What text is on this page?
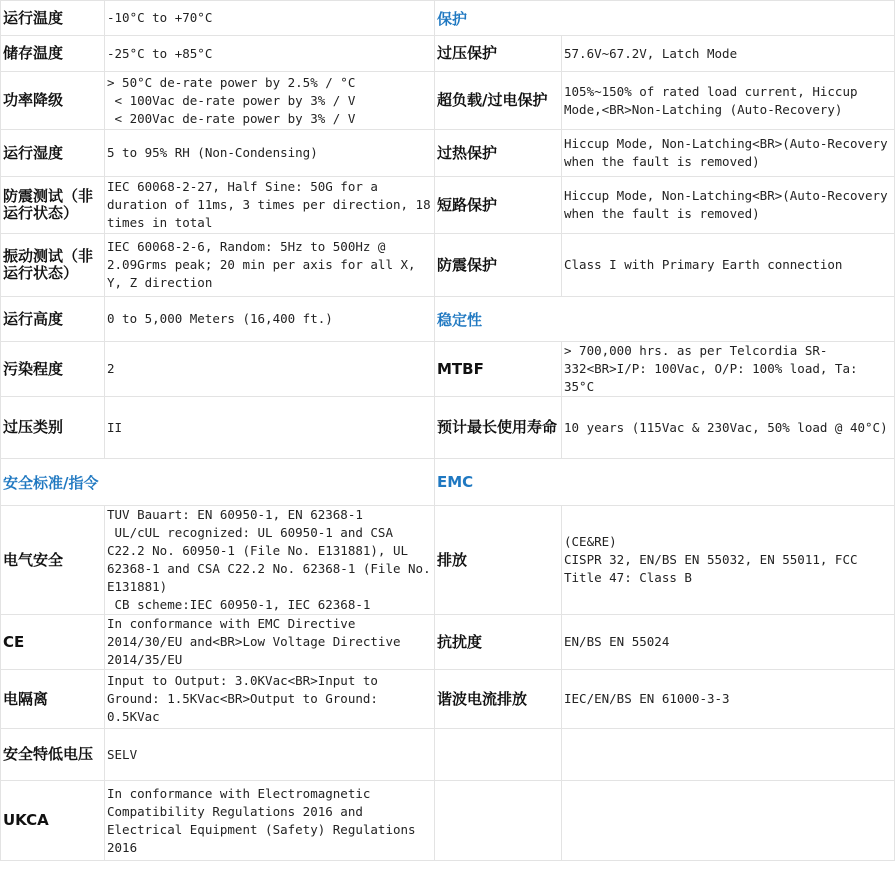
运行温度	-10°C to +70°C	保护	
储存温度	-25°C to +85°C	过压保护	57.6V~67.2V, Latch Mode
功率降级	> 50°C de-rate power by 2.5% / °C
< 100Vac de-rate power by 3% / V
< 200Vac de-rate power by 3% / V	超负载/过电保护	105%~150% of rated load current, Hiccup Mode,<BR>Non-Latching (Auto-Recovery)
运行湿度	5 to 95% RH (Non-Condensing)	过热保护	Hiccup Mode, Non-Latching<BR>(Auto-Recovery when the fault is removed)
防震测试（非运行状态）	IEC 60068-2-27, Half Sine: 50G for a duration of 11ms, 3 times per direction, 18 times in total	短路保护	Hiccup Mode, Non-Latching<BR>(Auto-Recovery when the fault is removed)
振动测试（非运行状态）	IEC 60068-2-6, Random: 5Hz to 500Hz @ 2.09Grms peak; 20 min per axis for all X, Y, Z direction	防震保护	Class I with Primary Earth connection
运行高度	0 to 5,000 Meters (16,400 ft.)	稳定性	
污染程度	2	MTBF	> 700,000 hrs. as per Telcordia SR-332<BR>I/P: 100Vac, O/P: 100% load, Ta: 35°C
过压类别	II	预计最长使用寿命	10 years (115Vac & 230Vac, 50% load @ 40°C)
安全标准/指令		EMC	
电气安全	TUV Bauart: EN 60950-1, EN 62368-1
UL/cUL recognized: UL 60950-1 and CSA C22.2 No. 60950-1 (File No. E131881), UL 62368-1 and CSA C22.2 No. 62368-1 (File No. E131881)
CB scheme:IEC 60950-1, IEC 62368-1	排放	(CE&RE)
CISPR 32, EN/BS EN 55032, EN 55011, FCC Title 47: Class B
CE	In conformance with EMC Directive 2014/30/EU and<BR>Low Voltage Directive 2014/35/EU	抗扰度	EN/BS EN 55024
电隔离	Input to Output: 3.0KVac<BR>Input to Ground: 1.5KVac<BR>Output to Ground: 0.5KVac	谐波电流排放	IEC/EN/BS EN 61000-3-3
安全特低电压	SELV		
UKCA	In conformance with Electromagnetic Compatibility Regulations 2016 and Electrical Equipment (Safety) Regulations 2016		
